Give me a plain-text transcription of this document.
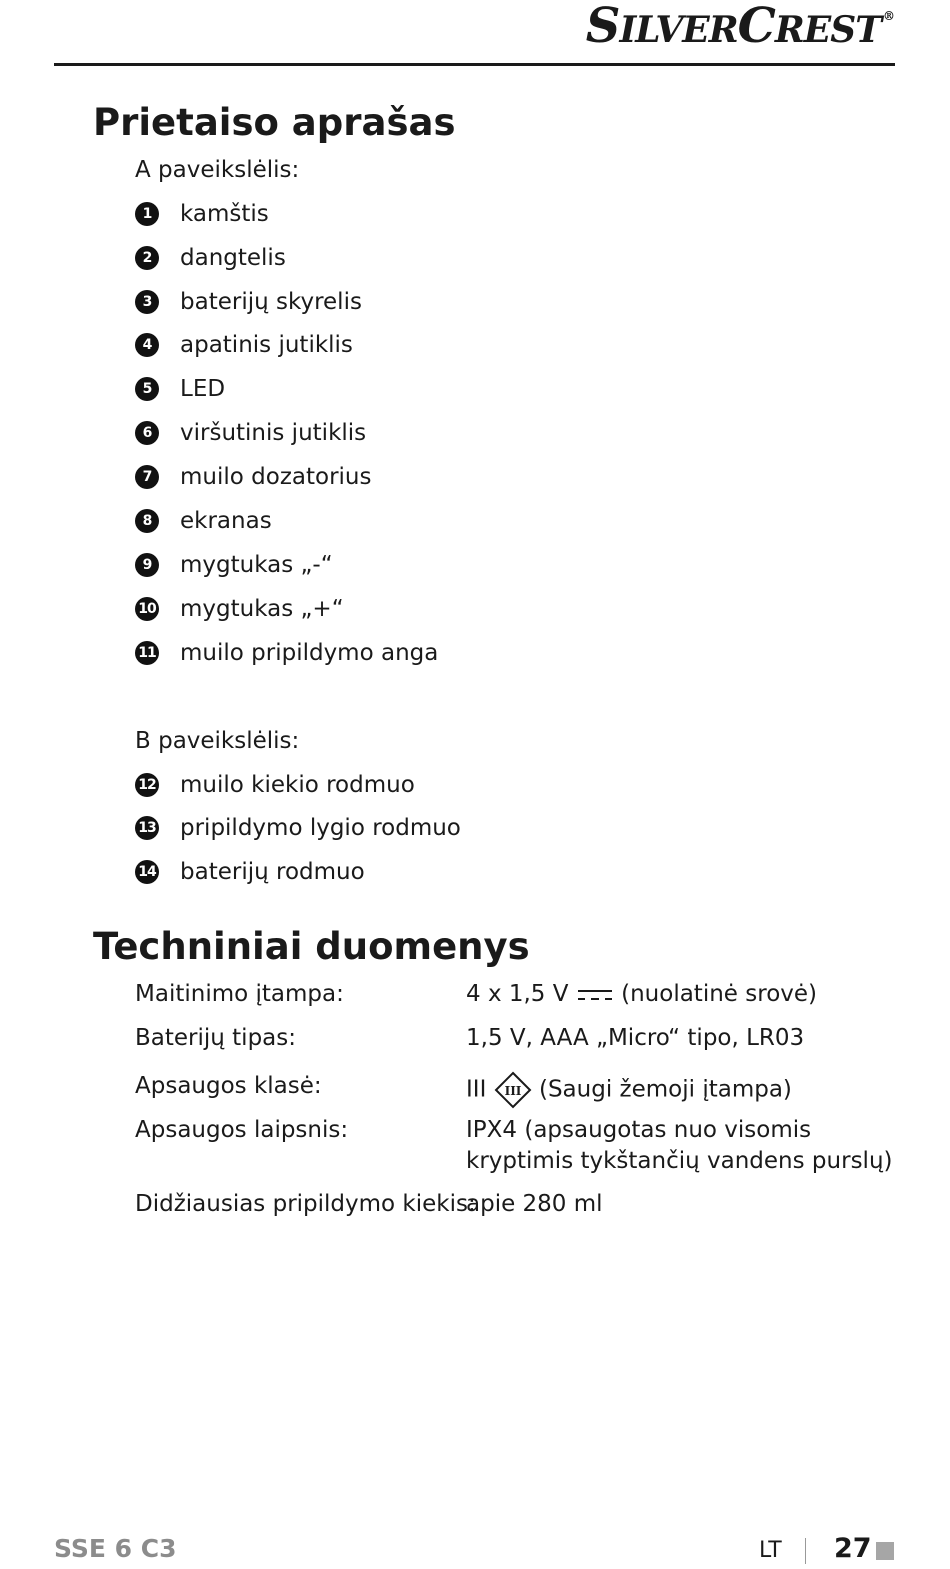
SILVERCREST ®
Prietaiso aprašas
A paveikslėlis:
1	kamštis
2	dangtelis
3	baterijų skyrelis
4	apatinis jutiklis
5	LED
6	viršutinis jutiklis
7	muilo dozatorius
8	ekranas
9	mygtukas „-“
10 mygtukas „+“
11 muilo pripildymo anga
B paveikslėlis:
12 muilo kiekio rodmuo
13 pripildymo lygio rodmuo
14 baterijų rodmuo
Techniniai duomenys
Maitinimo įtampa:	4 x 1,5 V (nuolatinė srovė)
Baterijų tipas:	1,5 V, AAA „Micro“ tipo, LR03
Apsaugos klasė:	III III (Saugi žemoji įtampa)
Apsaugos laipsnis:	IPX4 (apsaugotas nuo visomis
kryptimis tykštančių vandens purslų)
Didžiausias pripildymo kiekis:
apie 280 ml
SSE 6 C3	LT 27
